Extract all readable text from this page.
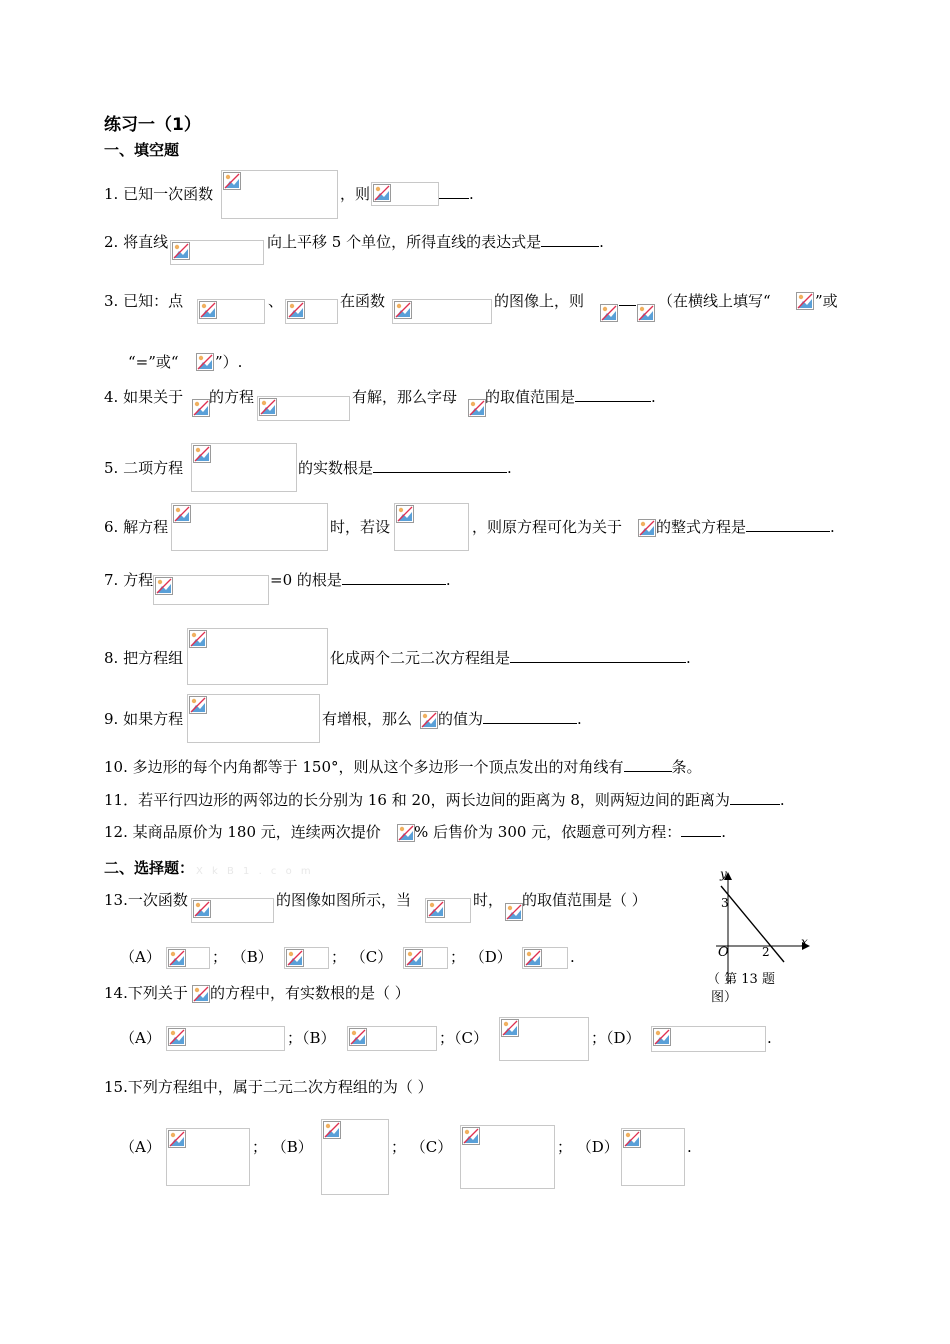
练习一（1）
一、填空题
1. 已知一次函数	，则	.
2. 将直线	向上平移 5 个单位，所得直线的表达式是	.
3. 已知：点	、	在函数	的图像上，则	（在横线上填写“	”或
“=”或“ ”）.
4. 如果关于 的方程	有解，那么字母 的取值范围是	.
5. 二项方程	的实数根是	.
6. 解方程	时，若设	，则原方程可化为关于 的整式方程是	.
7. 方程	=0 的根是	.
8. 把方程组	化成两个二元二次方程组是	.
9. 如果方程	有增根，那么 的值为	.
10. 多边形的每个内角都等于 150°，则从这个多边形一个顶点发出的对角线有	条。
11．若平行四边形的两邻边的长分别为 16 和 20，两长边间的距离为 8，则两短边间的距离为	.
12. 某商品原价为 180 元，连续两次提价 % 后售价为 300 元，依题意可列方程：	.
二、选择题： X k B 1 . c o m
13.一次函数	的图像如图所示，当	时， 的取值范围是（ ）
（A）	； （B）	； （C）	； （D）	.
y
x
O
3
2
（ 第 13 题
图）
14.下列关于 的方程中，有实数根的是（ ）
（A）	；（B）	；（C）	；（D）	.
15.下列方程组中，属于二元二次方程组的为（ ）
（A）	； （B）	； （C）	； （D）	.
